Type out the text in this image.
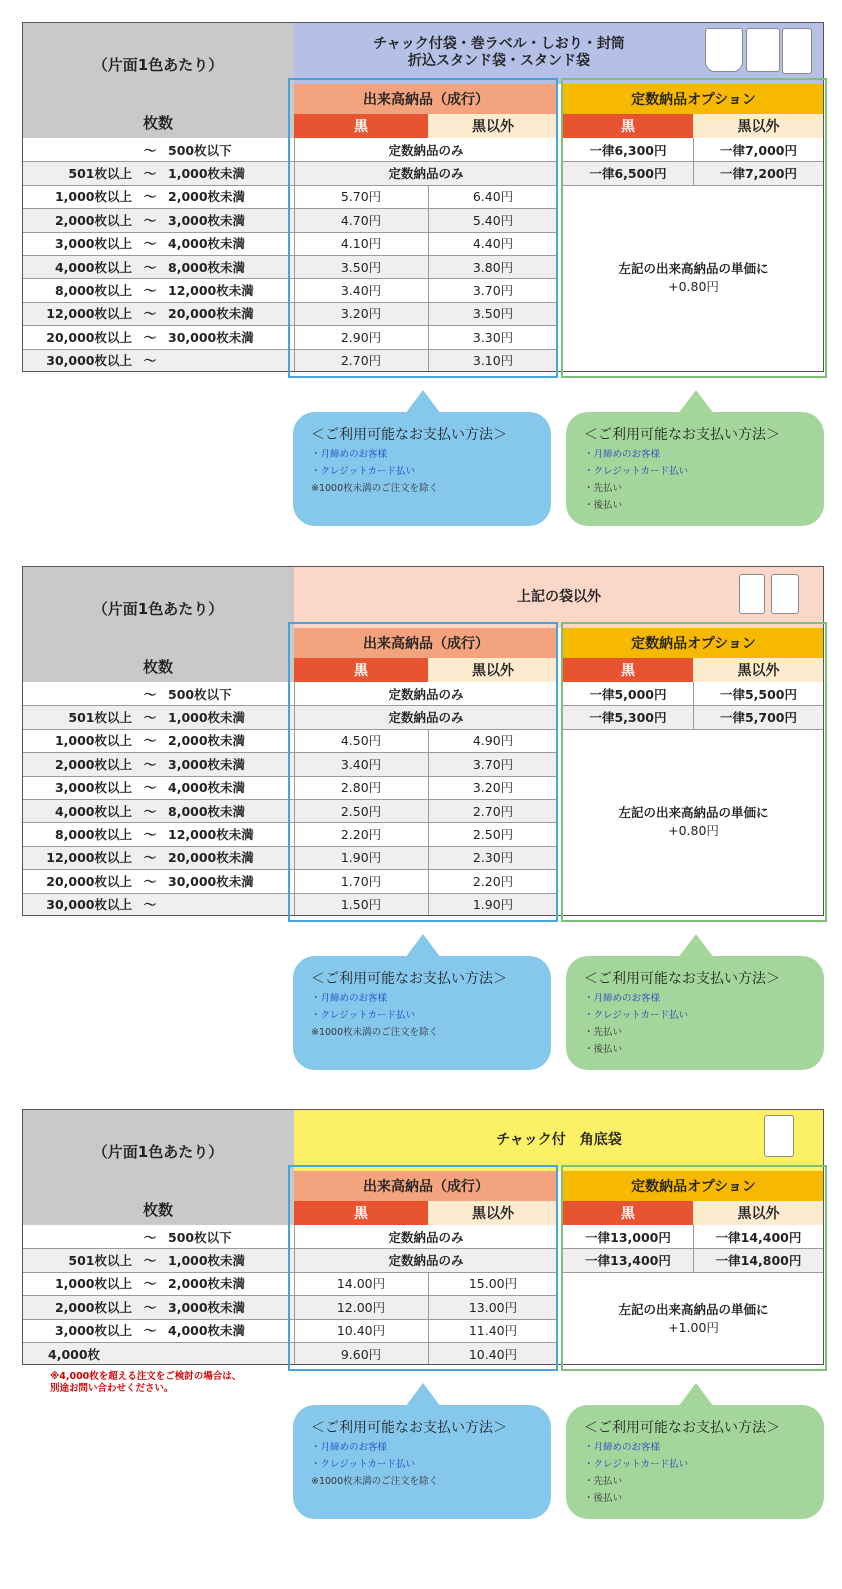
（片面1色あたり）
枚数
チャック付袋・巻ラベル・しおり・封筒
折込スタンド袋・スタンド袋
出来高納品（成行）	定数納品オプション
黒	黒以外	黒	黒以外
～ 500枚以下	定数納品のみ	一律6,300円	一律7,000円
501枚以上 ～ 1,000枚未満	定数納品のみ	一律6,500円	一律7,200円
1,000枚以上 ～ 2,000枚未満	5.70円	6.40円
2,000枚以上 ～ 3,000枚未満	4.70円	5.40円
3,000枚以上 ～ 4,000枚未満	4.10円	4.40円
4,000枚以上 ～ 8,000枚未満	3.50円	3.80円
8,000枚以上 ～ 12,000枚未満	3.40円	3.70円
12,000枚以上 ～ 20,000枚未満	3.20円	3.50円
20,000枚以上 ～ 30,000枚未満	2.90円	3.30円
30,000枚以上 ～	2.70円	3.10円
左記の出来高納品の単価に
+0.80円
＜ご利用可能なお支払い方法＞
・月締めのお客様
・クレジットカード払い
※1000枚未満のご注文を除く
＜ご利用可能なお支払い方法＞
・月締めのお客様
・クレジットカード払い
・先払い
・後払い
（片面1色あたり）
枚数
上記の袋以外
出来高納品（成行）	定数納品オプション
黒	黒以外	黒	黒以外
～ 500枚以下	定数納品のみ	一律5,000円	一律5,500円
501枚以上 ～ 1,000枚未満	定数納品のみ	一律5,300円	一律5,700円
1,000枚以上 ～ 2,000枚未満	4.50円	4.90円
2,000枚以上 ～ 3,000枚未満	3.40円	3.70円
3,000枚以上 ～ 4,000枚未満	2.80円	3.20円
4,000枚以上 ～ 8,000枚未満	2.50円	2.70円
8,000枚以上 ～ 12,000枚未満	2.20円	2.50円
12,000枚以上 ～ 20,000枚未満	1.90円	2.30円
20,000枚以上 ～ 30,000枚未満	1.70円	2.20円
30,000枚以上 ～	1.50円	1.90円
左記の出来高納品の単価に
+0.80円
＜ご利用可能なお支払い方法＞
・月締めのお客様
・クレジットカード払い
※1000枚未満のご注文を除く
＜ご利用可能なお支払い方法＞
・月締めのお客様
・クレジットカード払い
・先払い
・後払い
（片面1色あたり）
枚数
チャック付　角底袋
出来高納品（成行）	定数納品オプション
黒	黒以外	黒	黒以外
～ 500枚以下	定数納品のみ	一律13,000円	一律14,400円
501枚以上 ～ 1,000枚未満	定数納品のみ	一律13,400円	一律14,800円
1,000枚以上 ～ 2,000枚未満	14.00円	15.00円
2,000枚以上 ～ 3,000枚未満	12.00円	13.00円
3,000枚以上 ～ 4,000枚未満	10.40円	11.40円
4,000枚	9.60円	10.40円
左記の出来高納品の単価に
+1.00円
※4,000枚を超える注文をご検討の場合は、
別途お問い合わせください。
＜ご利用可能なお支払い方法＞
・月締めのお客様
・クレジットカード払い
※1000枚未満のご注文を除く
＜ご利用可能なお支払い方法＞
・月締めのお客様
・クレジットカード払い
・先払い
・後払い
